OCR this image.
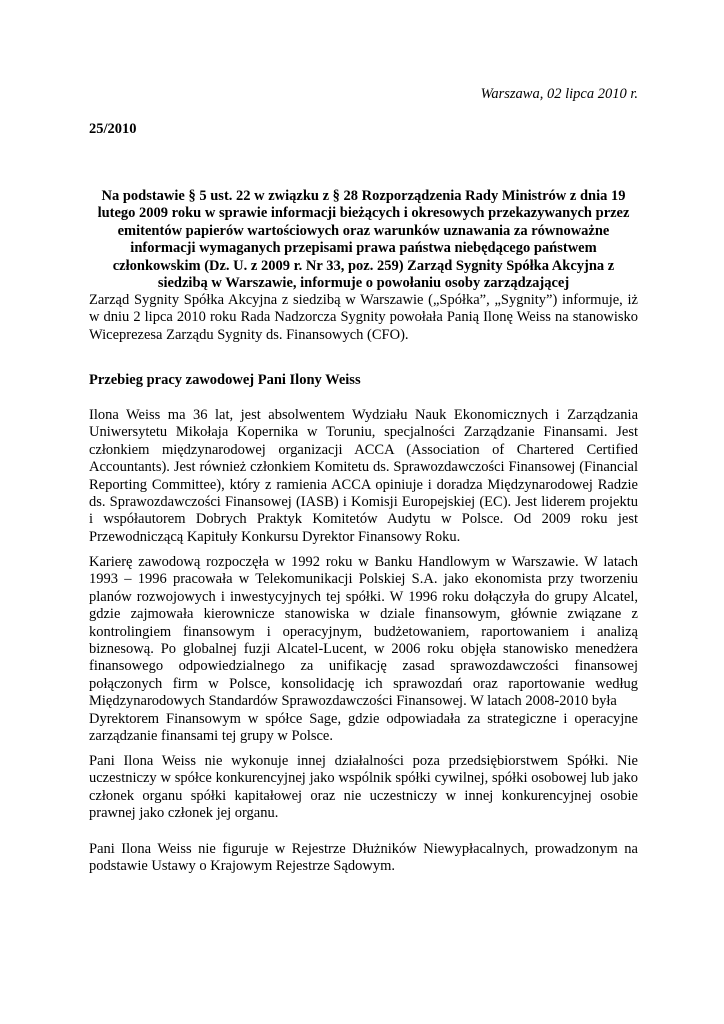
Warszawa, 02 lipca 2010 r.
25/2010
Na podstawie § 5 ust. 22 w związku z § 28 Rozporządzenia Rady Ministrów z dnia 19
lutego 2009 roku w sprawie informacji bieżących i okresowych przekazywanych przez
emitentów papierów wartościowych oraz warunków uznawania za równoważne
informacji wymaganych przepisami prawa państwa niebędącego państwem
członkowskim (Dz. U. z 2009 r. Nr 33, poz. 259) Zarząd Sygnity Spółka Akcyjna z
siedzibą w Warszawie, informuje o powołaniu osoby zarządzającej
Zarząd Sygnity Spółka Akcyjna z siedzibą w Warszawie („Spółka”, „Sygnity”) informuje, iż
w dniu 2 lipca 2010 roku Rada Nadzorcza Sygnity powołała Panią Ilonę Weiss na stanowisko
Wiceprezesa Zarządu Sygnity ds. Finansowych (CFO).
Przebieg pracy zawodowej Pani Ilony Weiss
Ilona Weiss ma 36 lat, jest absolwentem Wydziału Nauk Ekonomicznych i Zarządzania
Uniwersytetu Mikołaja Kopernika w Toruniu, specjalności Zarządzanie Finansami. Jest
członkiem międzynarodowej organizacji ACCA (Association of Chartered Certified
Accountants). Jest również członkiem Komitetu ds. Sprawozdawczości Finansowej (Financial
Reporting Committee), który z ramienia ACCA opiniuje i doradza Międzynarodowej Radzie
ds. Sprawozdawczości Finansowej (IASB) i Komisji Europejskiej (EC). Jest liderem projektu
i współautorem Dobrych Praktyk Komitetów Audytu w Polsce. Od 2009 roku jest
Przewodniczącą Kapituły Konkursu Dyrektor Finansowy Roku.
Karierę zawodową rozpoczęła w 1992 roku w Banku Handlowym w Warszawie. W latach
1993 – 1996 pracowała w Telekomunikacji Polskiej S.A. jako ekonomista przy tworzeniu
planów rozwojowych i inwestycyjnych tej spółki. W 1996 roku dołączyła do grupy Alcatel,
gdzie zajmowała kierownicze stanowiska w dziale finansowym, głównie związane z
kontrolingiem finansowym i operacyjnym, budżetowaniem, raportowaniem i analizą
biznesową. Po globalnej fuzji Alcatel-Lucent, w 2006 roku objęła stanowisko menedżera
finansowego odpowiedzialnego za unifikację zasad sprawozdawczości finansowej
połączonych firm w Polsce, konsolidację ich sprawozdań oraz raportowanie według
Międzynarodowych Standardów Sprawozdawczości Finansowej. W latach 2008-2010 była
Dyrektorem Finansowym w spółce Sage, gdzie odpowiadała za strategiczne i operacyjne
zarządzanie finansami tej grupy w Polsce.
Pani Ilona Weiss nie wykonuje innej działalności poza przedsiębiorstwem Spółki. Nie
uczestniczy w spółce konkurencyjnej jako wspólnik spółki cywilnej, spółki osobowej lub jako
członek organu spółki kapitałowej oraz nie uczestniczy w innej konkurencyjnej osobie
prawnej jako członek jej organu.
Pani Ilona Weiss nie figuruje w Rejestrze Dłużników Niewypłacalnych, prowadzonym na
podstawie Ustawy o Krajowym Rejestrze Sądowym.
